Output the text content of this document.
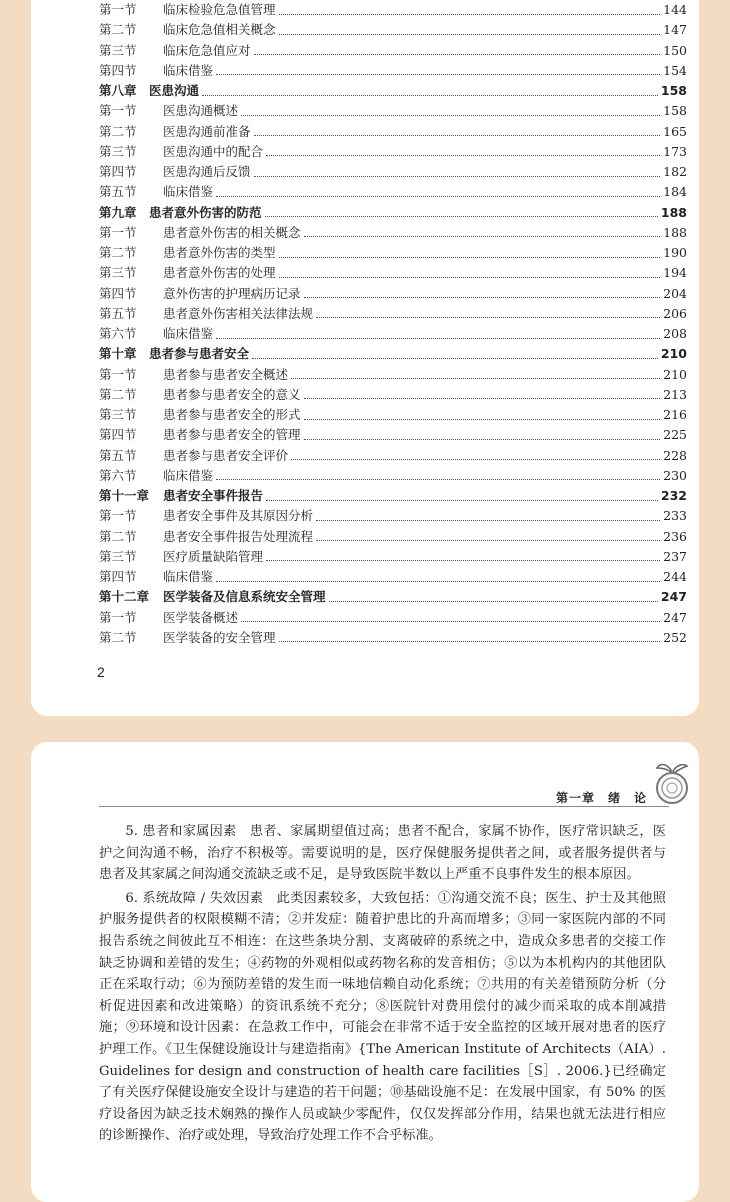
第一节	临床检验危急值管理	144
第二节	临床危急值相关概念	147
第三节	临床危急值应对	150
第四节	临床借鉴	154
第八章 医患沟通	158
第一节	医患沟通概述	158
第二节	医患沟通前准备	165
第三节	医患沟通中的配合	173
第四节	医患沟通后反馈	182
第五节	临床借鉴	184
第九章 患者意外伤害的防范	188
第一节	患者意外伤害的相关概念	188
第二节	患者意外伤害的类型	190
第三节	患者意外伤害的处理	194
第四节	意外伤害的护理病历记录	204
第五节	患者意外伤害相关法律法规	206
第六节	临床借鉴	208
第十章 患者参与患者安全	210
第一节	患者参与患者安全概述	210
第二节	患者参与患者安全的意义	213
第三节	患者参与患者安全的形式	216
第四节	患者参与患者安全的管理	225
第五节	患者参与患者安全评价	228
第六节	临床借鉴	230
第十一章	患者安全事件报告	232
第一节	患者安全事件及其原因分析	233
第二节	患者安全事件报告处理流程	236
第三节	医疗质量缺陷管理	237
第四节	临床借鉴	244
第十二章	医学装备及信息系统安全管理	247
第一节	医学装备概述	247
第二节	医学装备的安全管理	252
2
第一章　绪　论

5. 患者和家属因素　患者、家属期望值过高；患者不配合，家属不协作，医疗常识缺乏，医护之间沟通不畅，治疗不积极等。需要说明的是，医疗保健服务提供者之间，或者服务提供者与患者及其家属之间沟通交流缺乏或不足，是导致医院半数以上严重不良事件发生的根本原因。

6. 系统故障 / 失效因素　此类因素较多，大致包括：①沟通交流不良；医生、护士及其他照护服务提供者的权限模糊不清；②并发症：随着护患比的升高而增多；③同一家医院内部的不同报告系统之间彼此互不相连：在这些条块分割、支离破碎的系统之中，造成众多患者的交接工作缺乏协调和差错的发生；④药物的外观相似或药物名称的发音相仿；⑤以为本机构内的其他团队正在采取行动；⑥为预防差错的发生而一味地信赖自动化系统；⑦共用的有关差错预防分析（分析促进因素和改进策略）的资讯系统不充分；⑧医院针对费用偿付的减少而采取的成本削减措施；⑨环境和设计因素：在急救工作中，可能会在非常不适于安全监控的区域开展对患者的医疗护理工作。《卫生保健设施设计与建造指南》{The American Institute of Architects（AIA）. Guidelines for design and construction of health care facilities［S］. 2006.}已经确定了有关医疗保健设施安全设计与建造的若干问题；⑩基础设施不足：在发展中国家，有 50% 的医疗设备因为缺乏技术娴熟的操作人员或缺少零配件，仅仅发挥部分作用，结果也就无法进行相应的诊断操作、治疗或处理，导致治疗处理工作不合乎标准。
